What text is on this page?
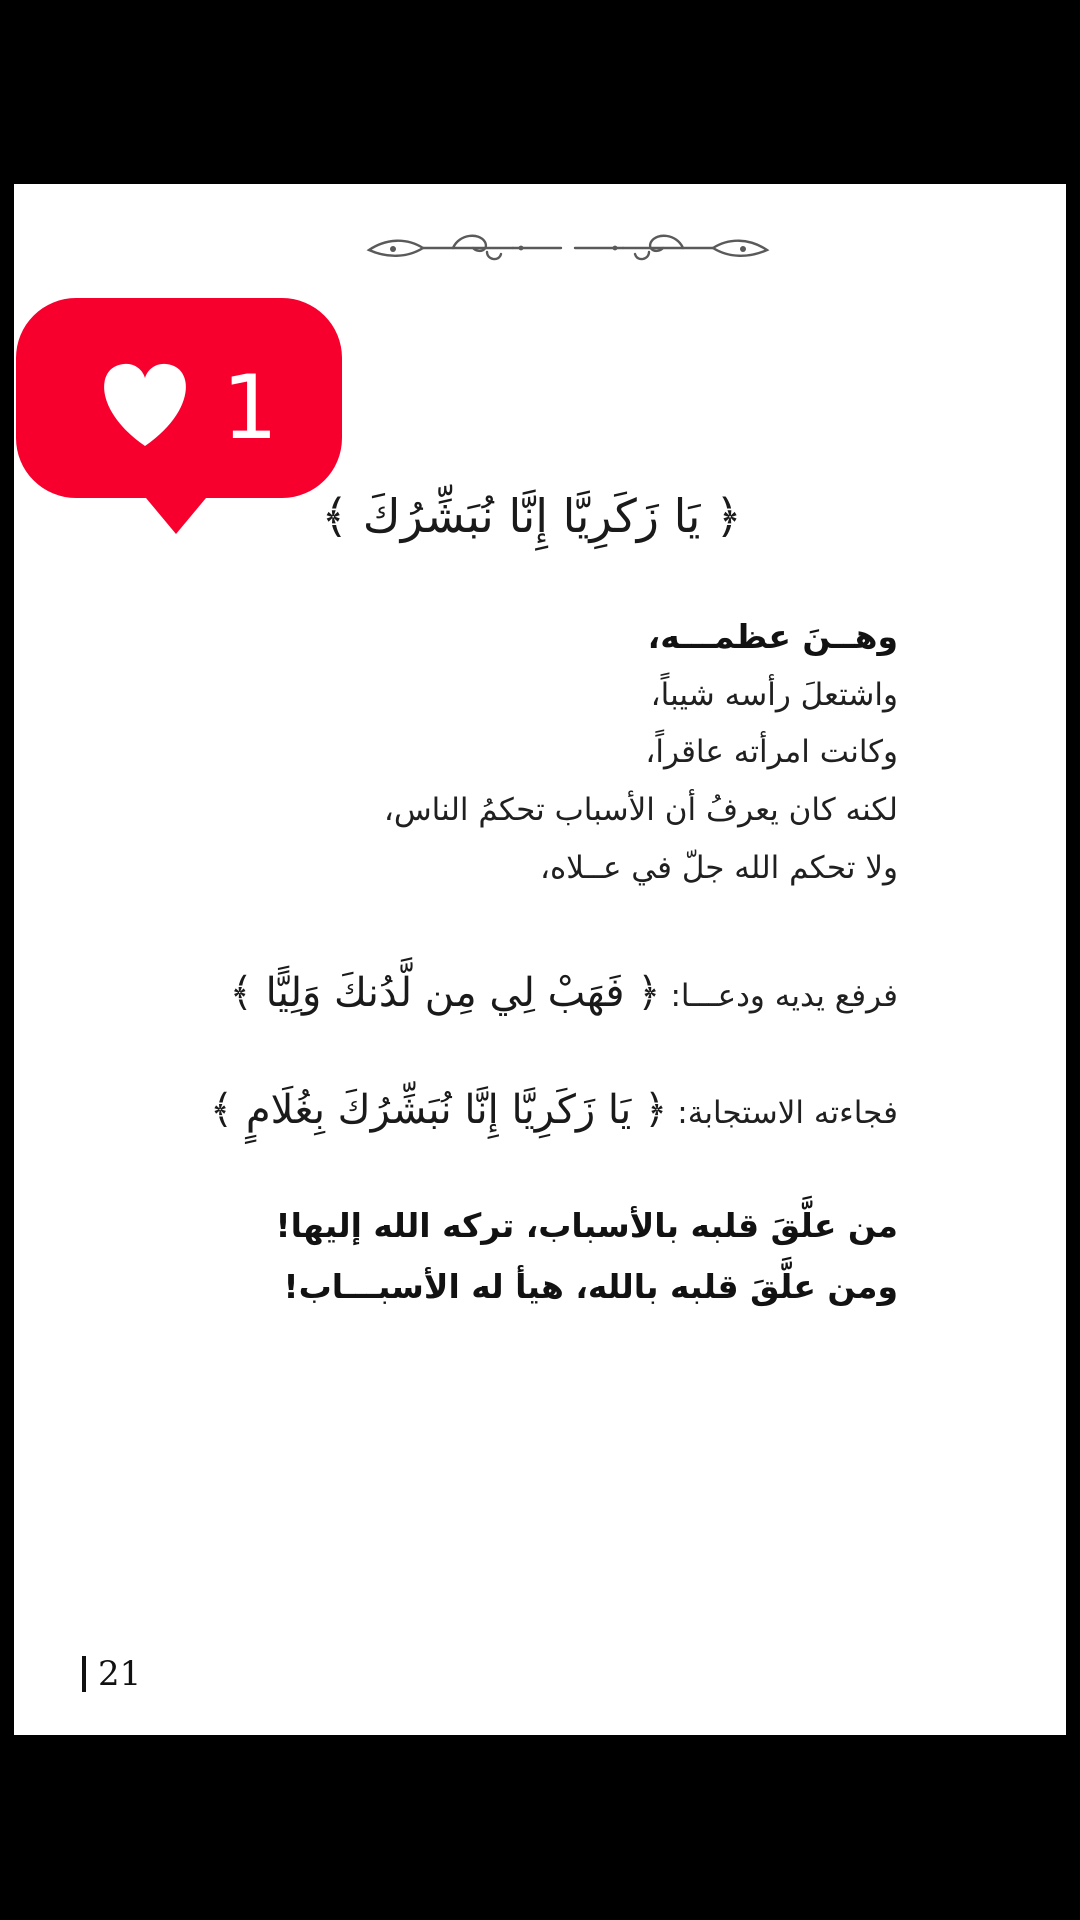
1
﴿ يَا زَكَرِيَّا إِنَّا نُبَشِّرُكَ ﴾
وهــنَ عظمـــه،
واشتعلَ رأسه شيباً،
وكانت امرأته عاقراً،
لكنه كان يعرفُ أن الأسباب تحكمُ الناس،
ولا تحكم الله جلّ في عــلاه،
فرفع يديه ودعـــا: ﴿ فَهَبْ لِي مِن لَّدُنكَ وَلِيًّا ﴾
فجاءته الاستجابة: ﴿ يَا زَكَرِيَّا إِنَّا نُبَشِّرُكَ بِغُلَامٍ ﴾
من علَّقَ قلبه بالأسباب، تركه الله إليها!
ومن علَّقَ قلبه بالله، هيأ له الأسبـــاب!
21
